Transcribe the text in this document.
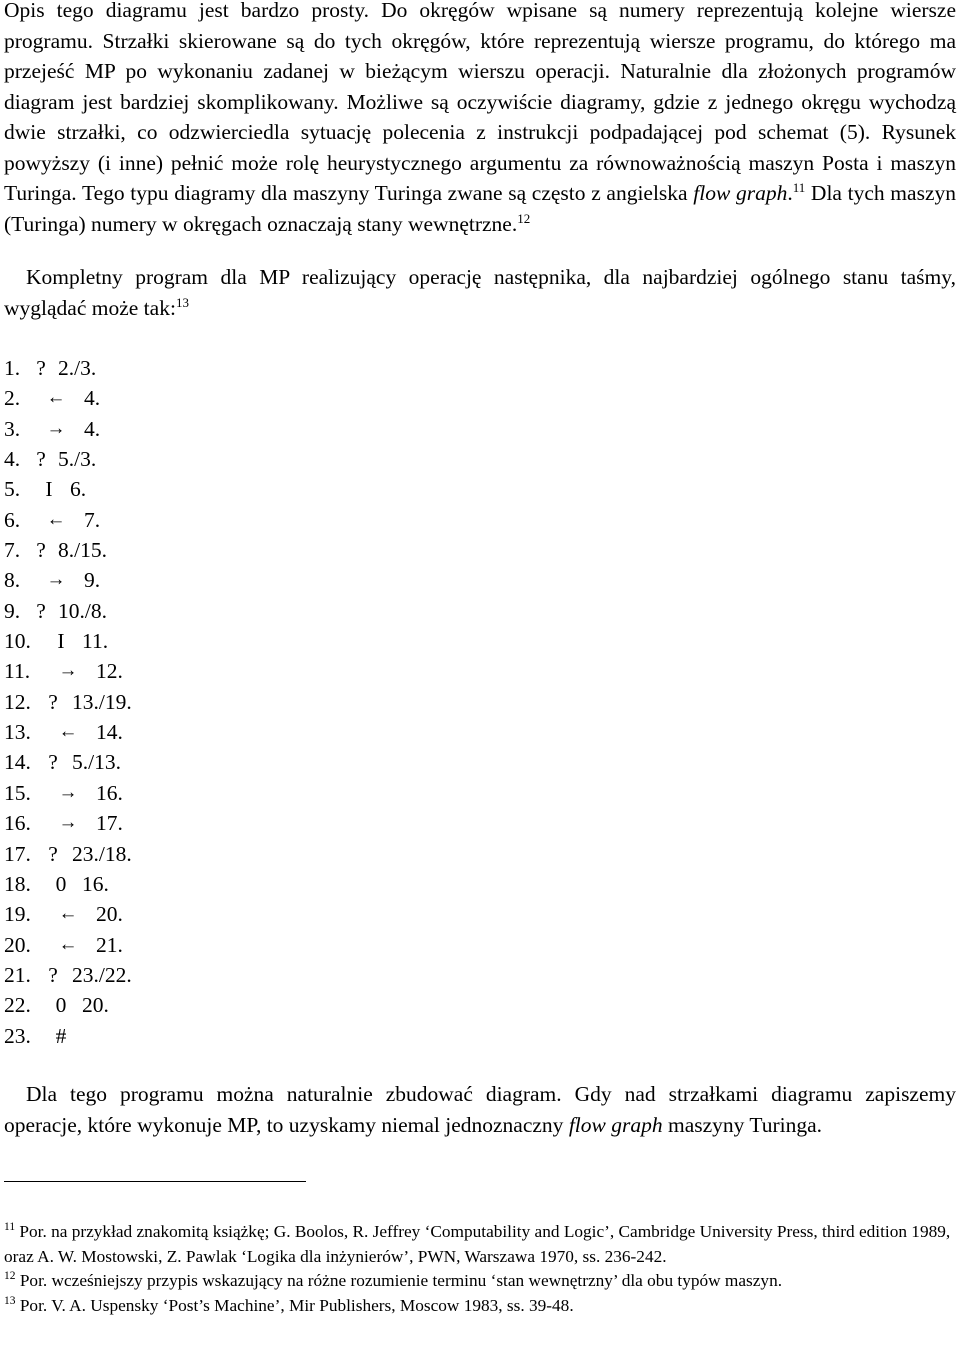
Opis tego diagramu jest bardzo prosty. Do okręgów wpisane są numery reprezentują kolejne wiersze programu. Strzałki skierowane są do tych okręgów, które reprezentują wiersze programu, do którego ma przejeść MP po wykonaniu zadanej w bieżącym wierszu operacji. Naturalnie dla złożonych programów diagram jest bardziej skomplikowany. Możliwe są oczywiście diagramy, gdzie z jednego okręgu wychodzą dwie strzałki, co odzwierciedla sytuację polecenia z instrukcji podpadającej pod schemat (5). Rysunek powyższy (i inne) pełnić może rolę heurystycznego argumentu za równoważnością maszyn Posta i maszyn Turinga. Tego typu diagramy dla maszyny Turinga zwane są często z angielska flow graph.$^{11}$ Dla tych maszyn (Turinga) numery w okręgach oznaczają stany wewnętrzne.$^{12}$

Kompletny program dla MP realizujący operację następnika, dla najbardziej ogólnego stanu taśmy, wyglądać może tak:$^{13}$

1. ? 2./3.
2.	← 4.
3.	→ 4.
4. ? 5./3.
5.	I 6.
6.	← 7.
7. ? 8./15.
8.	→ 9.
9. ? 10./8.
10.	I 11.
11.	→ 12.
12. ? 13./19.
13.	← 14.
14. ? 5./13.
15.	→ 16.
16.	→ 17.
17. ? 23./18.
18.	0 16.
19.	← 20.
20.	← 21.
21. ? 23./22.
22.	0 20.
23.	#

Dla tego programu można naturalnie zbudować diagram. Gdy nad strzałkami diagramu zapiszemy operacje, które wykonuje MP, to uzyskamy niemal jednoznaczny flow graph maszyny Turinga.

$^{11}$ Por. na przykład znakomitą książkę; G. Boolos, R. Jeffrey ‘Computability and Logic’, Cambridge University Press, third edition 1989, oraz A. W. Mostowski, Z. Pawlak ‘Logika dla inżynierów’, PWN, Warszawa 1970, ss. 236-242.

$^{12}$ Por. wcześniejszy przypis wskazujący na różne rozumienie terminu ‘stan wewnętrzny’ dla obu typów maszyn.

$^{13}$ Por. V. A. Uspensky ‘Post’s Machine’, Mir Publishers, Moscow 1983, ss. 39-48.
